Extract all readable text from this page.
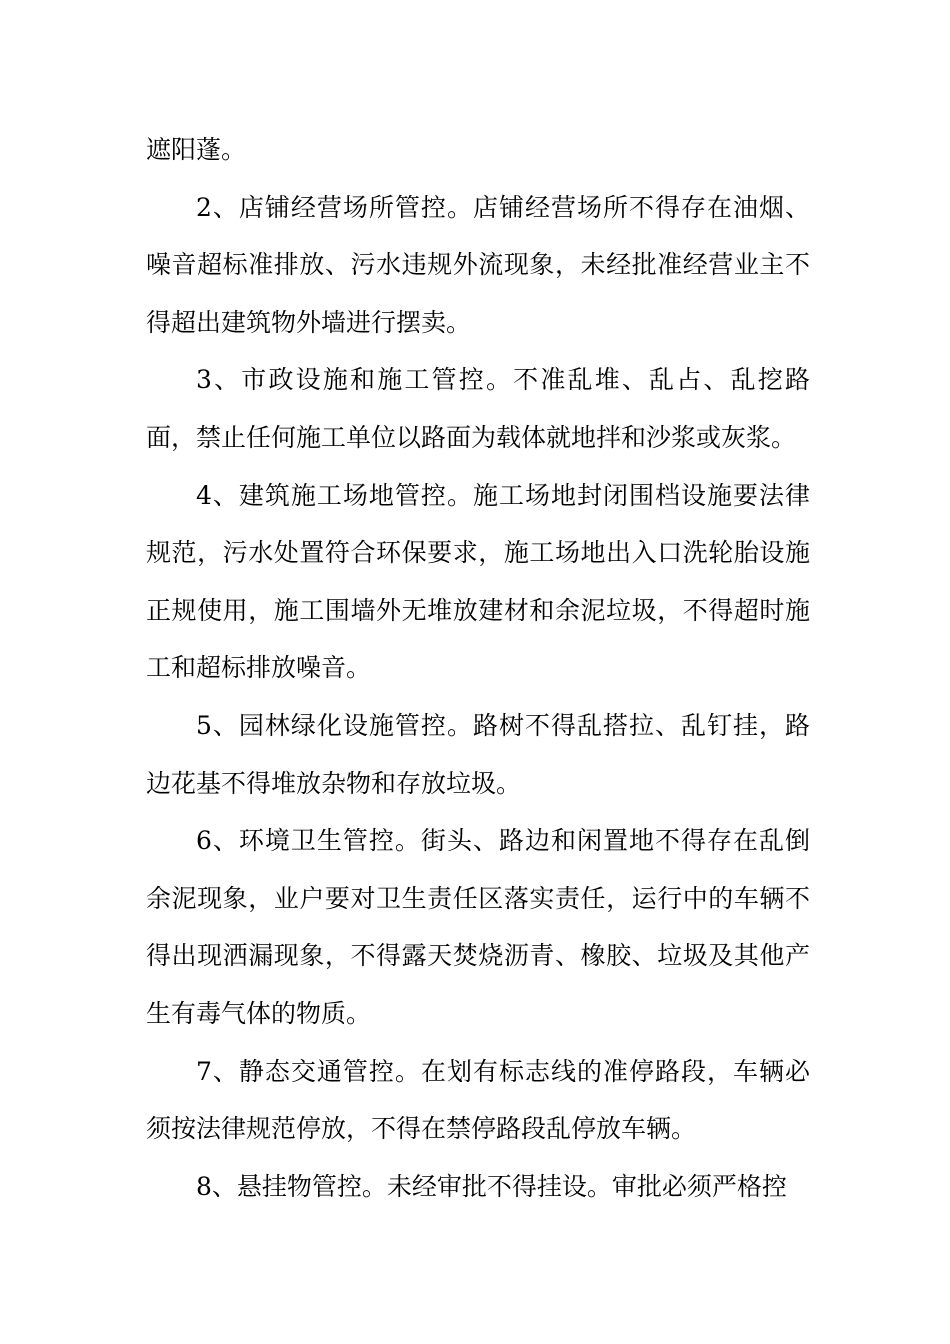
遮阳蓬。

2、店铺经营场所管控。店铺经营场所不得存在油烟、噪音超标准排放、污水违规外流现象，未经批准经营业主不得超出建筑物外墙进行摆卖。

3、市政设施和施工管控。不准乱堆、乱占、乱挖路面，禁止任何施工单位以路面为载体就地拌和沙浆或灰浆。

4、建筑施工场地管控。施工场地封闭围档设施要法律规范，污水处置符合环保要求，施工场地出入口洗轮胎设施正规使用，施工围墙外无堆放建材和余泥垃圾，不得超时施工和超标排放噪音。

5、园林绿化设施管控。路树不得乱搭拉、乱钉挂，路边花基不得堆放杂物和存放垃圾。

6、环境卫生管控。街头、路边和闲置地不得存在乱倒余泥现象，业户要对卫生责任区落实责任，运行中的车辆不得出现洒漏现象，不得露天焚烧沥青、橡胶、垃圾及其他产生有毒气体的物质。

7、静态交通管控。在划有标志线的准停路段，车辆必须按法律规范停放，不得在禁停路段乱停放车辆。

8、悬挂物管控。未经审批不得挂设。审批必须严格控
